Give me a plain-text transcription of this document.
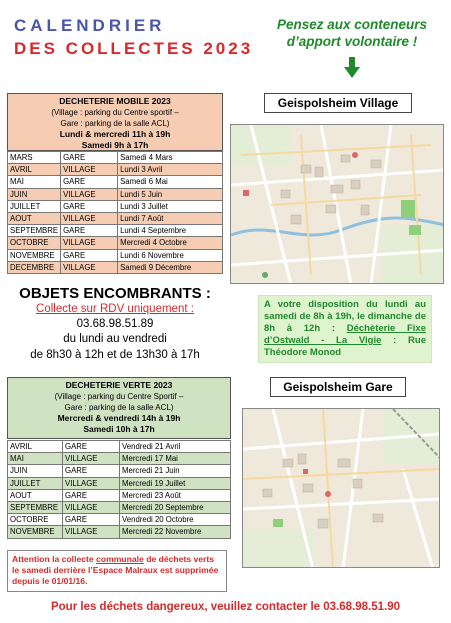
CALENDRIER
DES COLLECTES 2023
Pensez aux conteneurs
d’apport volontaire !
DECHETERIE MOBILE 2023
(Village : parking du Centre sportif –
Gare : parking de la salle ACL)
Lundi & mercredi 11h à 19h
Samedi 9h à 17h
MARS	GARE	Samedi 4 Mars
AVRIL	VILLAGE	Lundi 3 Avril
MAI	GARE	Samedi 6 Mai
JUIN	VILLAGE	Lundi 5 Juin
JUILLET	GARE	Lundi 3 Juillet
AOUT	VILLAGE	Lundi 7 Août
SEPTEMBRE	GARE	Lundi 4 Septembre
OCTOBRE	VILLAGE	Mercredi 4 Octobre
NOVEMBRE	GARE	Lundi 6 Novembre
DECEMBRE	VILLAGE	Samedi 9 Décembre
OBJETS ENCOMBRANTS :
Collecte sur RDV uniquement :
03.68.98.51.89
du lundi au vendredi
de 8h30 à 12h et de 13h30 à 17h
Geispolsheim Village
A votre disposition du lundi au samedi de 8h à 19h, le dimanche de 8h à 12h : Déchèterie Fixe d’Ostwald - La Vigie : Rue Théodore Monod
Geispolsheim Gare
DECHETERIE VERTE 2023
(Village : parking du Centre Sportif –
Gare : parking de la salle ACL)
Mercredi & vendredi 14h à 19h
Samedi 10h à 17h
AVRIL	GARE	Vendredi 21 Avril
MAI	VILLAGE	Mercredi 17 Mai
JUIN	GARE	Mercredi 21 Juin
JUILLET	VILLAGE	Mercredi 19 Juillet
AOUT	GARE	Mercredi 23 Août
SEPTEMBRE	VILLAGE	Mercredi 20 Septembre
OCTOBRE	GARE	Vendredi 20 Octobre
NOVEMBRE	VILLAGE	Mercredi 22 Novembre
Attention la collecte communale de déchets verts le samedi derrière l’Espace Malraux est supprimée depuis le 01/01/16.
Pour les déchets dangereux, veuillez contacter le 03.68.98.51.90
